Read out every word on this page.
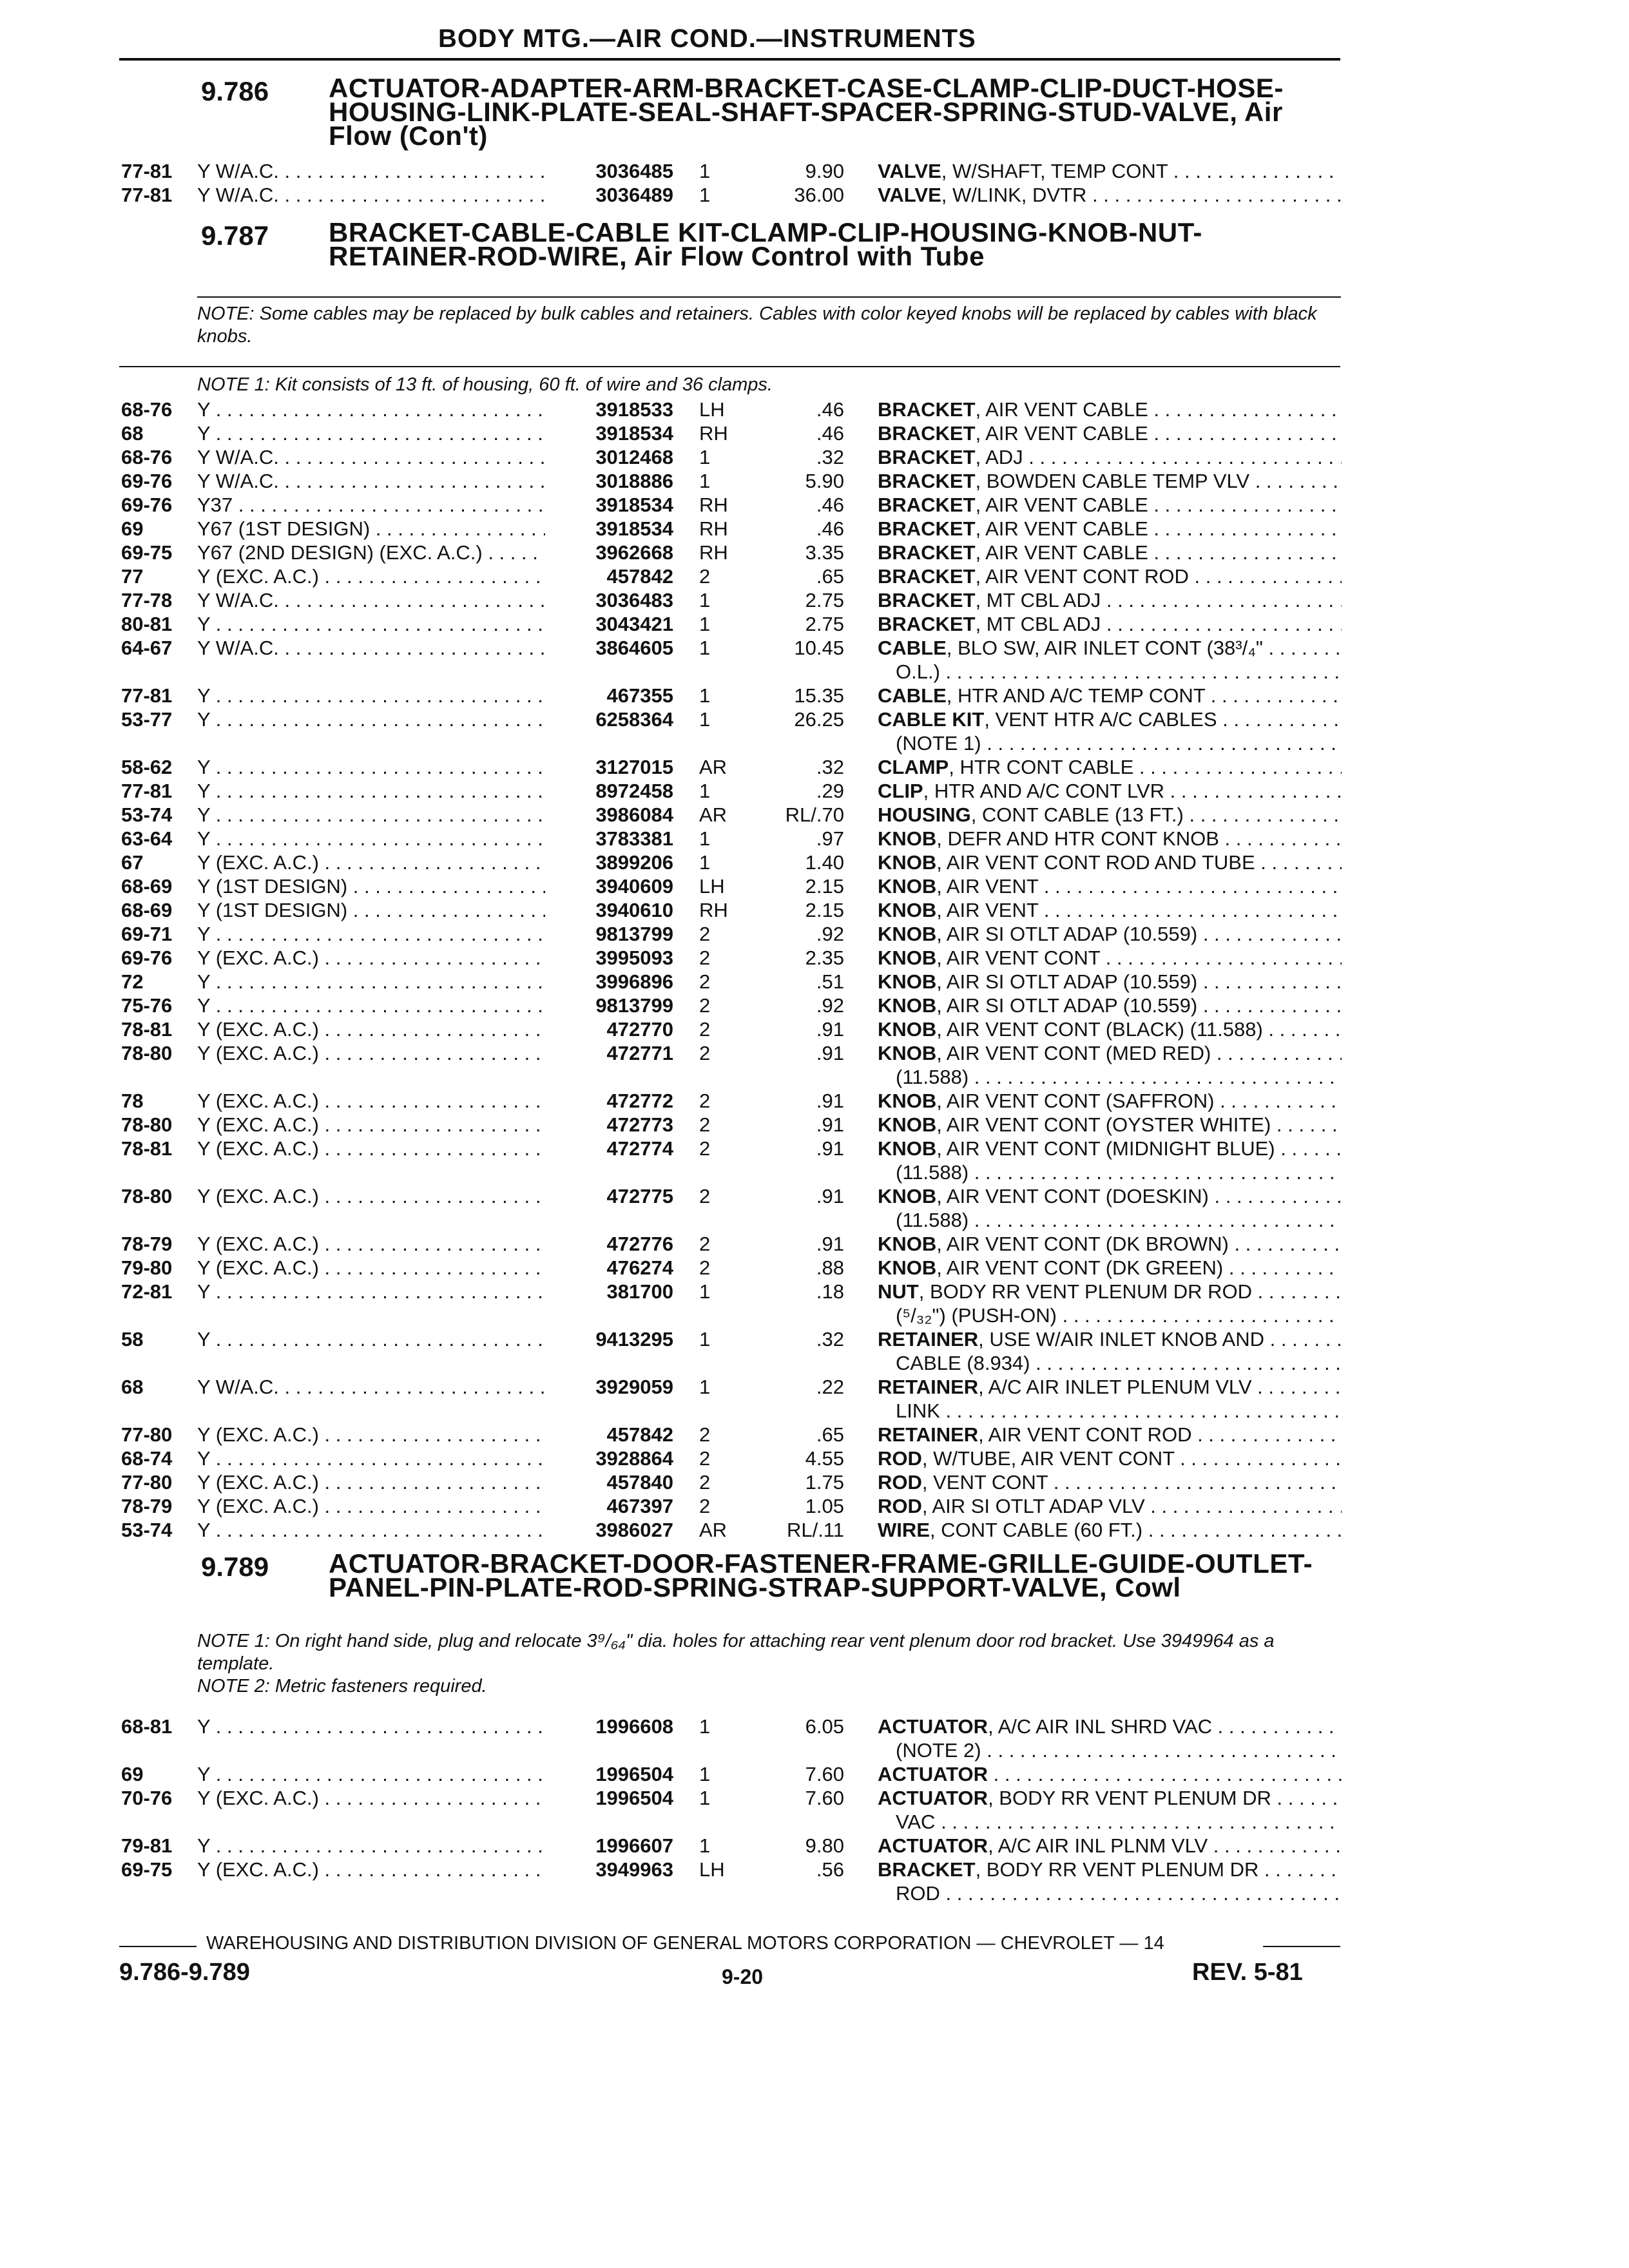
BODY MTG.—AIR COND.—INSTRUMENTS
9.786 ACTUATOR-ADAPTER-ARM-BRACKET-CASE-CLAMP-CLIP-DUCT-HOSE-HOUSING-LINK-PLATE-SEAL-SHAFT-SPACER-SPRING-STUD-VALVE, Air Flow (Con't)
77-81 Y W/A.C. . . .	3036485 1	9.90 VALVE, W/SHAFT, TEMP CONT . . .
77-81 Y W/A.C. . . .	3036489 1	36.00 VALVE, W/LINK, DVTR . . .
9.787 BRACKET-CABLE-CABLE KIT-CLAMP-CLIP-HOUSING-KNOB-NUT-RETAINER-ROD-WIRE, Air Flow Control with Tube
NOTE: Some cables may be replaced by bulk cables and retainers. Cables with color keyed knobs will be replaced by cables with black knobs.
NOTE 1: Kit consists of 13 ft. of housing, 60 ft. of wire and 36 clamps.
68-76 Y . . .	3918533 LH	.46 BRACKET, AIR VENT CABLE . . .
68	Y . . .	3918534 RH	.46 BRACKET, AIR VENT CABLE . . .
68-76 Y W/A.C. . . .	3012468 1	.32 BRACKET, ADJ . . .
69-76 Y W/A.C. . . .	3018886 1	5.90 BRACKET, BOWDEN CABLE TEMP VLV . . .
69-76 Y37 . . .	3918534 RH	.46 BRACKET, AIR VENT CABLE . . .
69	Y67 (1ST DESIGN) . . .	3918534 RH	.46 BRACKET, AIR VENT CABLE . . .
69-75 Y67 (2ND DESIGN) (EXC. A.C.) . . .	3962668 RH	3.35 BRACKET, AIR VENT CABLE . . .
77	Y (EXC. A.C.) . . .	457842 2	.65 BRACKET, AIR VENT CONT ROD . . .
77-78 Y W/A.C. . . .	3036483 1	2.75 BRACKET, MT CBL ADJ . . .
80-81 Y . . .	3043421 1	2.75 BRACKET, MT CBL ADJ . . .
64-67 Y W/A.C. . . .	3864605 1	10.45 CABLE, BLO SW, AIR INLET CONT (38³/₄" . . .
O.L.) . . .
77-81 Y . . .	467355 1	15.35 CABLE, HTR AND A/C TEMP CONT . . .
53-77 Y . . .	6258364 1	26.25 CABLE KIT, VENT HTR A/C CABLES . . .
(NOTE 1) . . .
58-62 Y . . .	3127015 AR	.32 CLAMP, HTR CONT CABLE . . .
77-81 Y . . .	8972458 1	.29 CLIP, HTR AND A/C CONT LVR . . .
53-74 Y . . .	3986084 AR	RL/.70 HOUSING, CONT CABLE (13 FT.) . . .
63-64 Y . . .	3783381 1	.97 KNOB, DEFR AND HTR CONT KNOB . . .
67	Y (EXC. A.C.) . . .	3899206 1	1.40 KNOB, AIR VENT CONT ROD AND TUBE . . .
68-69 Y (1ST DESIGN) . . .	3940609 LH	2.15 KNOB, AIR VENT . . .
68-69 Y (1ST DESIGN) . . .	3940610 RH	2.15 KNOB, AIR VENT . . .
69-71 Y . . .	9813799 2	.92 KNOB, AIR SI OTLT ADAP (10.559) . . .
69-76 Y (EXC. A.C.) . . .	3995093 2	2.35 KNOB, AIR VENT CONT . . .
72	Y . . .	3996896 2	.51 KNOB, AIR SI OTLT ADAP (10.559) . . .
75-76 Y . . .	9813799 2	.92 KNOB, AIR SI OTLT ADAP (10.559) . . .
78-81 Y (EXC. A.C.) . . .	472770 2	.91 KNOB, AIR VENT CONT (BLACK) (11.588) . . .
78-80 Y (EXC. A.C.) . . .	472771 2	.91 KNOB, AIR VENT CONT (MED RED) . . .
(11.588) . . .
78	Y (EXC. A.C.) . . .	472772 2	.91 KNOB, AIR VENT CONT (SAFFRON) . . .
78-80 Y (EXC. A.C.) . . .	472773 2	.91 KNOB, AIR VENT CONT (OYSTER WHITE) . . .
78-81 Y (EXC. A.C.) . . .	472774 2	.91 KNOB, AIR VENT CONT (MIDNIGHT BLUE) . . .
(11.588) . . .
78-80 Y (EXC. A.C.) . . .	472775 2	.91 KNOB, AIR VENT CONT (DOESKIN) . . .
(11.588) . . .
78-79 Y (EXC. A.C.) . . .	472776 2	.91 KNOB, AIR VENT CONT (DK BROWN) . . .
79-80 Y (EXC. A.C.) . . .	476274 2	.88 KNOB, AIR VENT CONT (DK GREEN) . . .
72-81 Y . . .	381700 1	.18 NUT, BODY RR VENT PLENUM DR ROD . . .
(⁵/₃₂") (PUSH-ON) . . .
58	Y . . .	9413295 1	.32 RETAINER, USE W/AIR INLET KNOB AND . . .
CABLE (8.934) . . .
68	Y W/A.C. . . .	3929059 1	.22 RETAINER, A/C AIR INLET PLENUM VLV . . .
LINK . . .
77-80 Y (EXC. A.C.) . . .	457842 2	.65 RETAINER, AIR VENT CONT ROD . . .
68-74 Y . . .	3928864 2	4.55 ROD, W/TUBE, AIR VENT CONT . . .
77-80 Y (EXC. A.C.) . . .	457840 2	1.75 ROD, VENT CONT . . .
78-79 Y (EXC. A.C.) . . .	467397 2	1.05 ROD, AIR SI OTLT ADAP VLV . . .
53-74 Y . . .	3986027 AR	RL/.11 WIRE, CONT CABLE (60 FT.) . . .
9.789 ACTUATOR-BRACKET-DOOR-FASTENER-FRAME-GRILLE-GUIDE-OUTLET-PANEL-PIN-PLATE-ROD-SPRING-STRAP-SUPPORT-VALVE, Cowl
NOTE 1: On right hand side, plug and relocate 3⁹/₆₄" dia. holes for attaching rear vent plenum door rod bracket. Use 3949964 as a template.
NOTE 2: Metric fasteners required.
68-81 Y . . .	1996608 1	6.05 ACTUATOR, A/C AIR INL SHRD VAC . . .
(NOTE 2) . . .
69	Y . . .	1996504 1	7.60 ACTUATOR . . .
70-76 Y (EXC. A.C.) . . .	1996504 1	7.60 ACTUATOR, BODY RR VENT PLENUM DR . . .
VAC . . .
79-81 Y . . .	1996607 1	9.80 ACTUATOR, A/C AIR INL PLNM VLV . . .
69-75 Y (EXC. A.C.) . . .	3949963 LH	.56 BRACKET, BODY RR VENT PLENUM DR . . .
ROD . . .
WAREHOUSING AND DISTRIBUTION DIVISION OF GENERAL MOTORS CORPORATION — CHEVROLET — 14
9.786-9.789	9-20	REV. 5-81
